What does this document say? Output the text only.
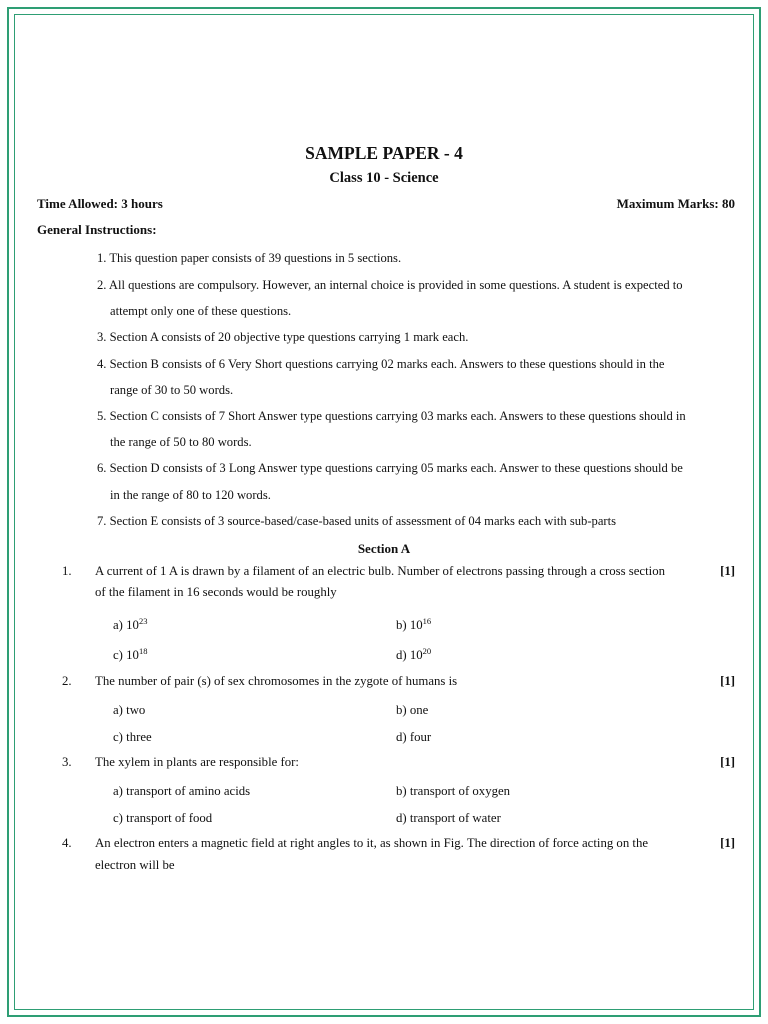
SAMPLE PAPER - 4
Class 10 - Science
Time Allowed: 3 hours	Maximum Marks: 80
General Instructions:
1. This question paper consists of 39 questions in 5 sections.
2. All questions are compulsory. However, an internal choice is provided in some questions. A student is expected to
attempt only one of these questions.
3. Section A consists of 20 objective type questions carrying 1 mark each.
4. Section B consists of 6 Very Short questions carrying 02 marks each. Answers to these questions should in the
range of 30 to 50 words.
5. Section C consists of 7 Short Answer type questions carrying 03 marks each. Answers to these questions should in
the range of 50 to 80 words.
6. Section D consists of 3 Long Answer type questions carrying 05 marks each. Answer to these questions should be
in the range of 80 to 120 words.
7. Section E consists of 3 source-based/case-based units of assessment of 04 marks each with sub-parts
Section A
1. A current of 1 A is drawn by a filament of an electric bulb. Number of electrons passing through a cross section
of the filament in 16 seconds would be roughly
[1]
a) $10^{23}$	b) $10^{16}$
c) $10^{18}$	d) $10^{20}$
2. The number of pair (s) of sex chromosomes in the zygote of humans is	[1]
a) two	b) one
c) three	d) four
3. The xylem in plants are responsible for:	[1]
a) transport of amino acids	b) transport of oxygen
c) transport of food	d) transport of water
4. An electron enters a magnetic field at right angles to it, as shown in Fig. The direction of force acting on the
electron will be
[1]
